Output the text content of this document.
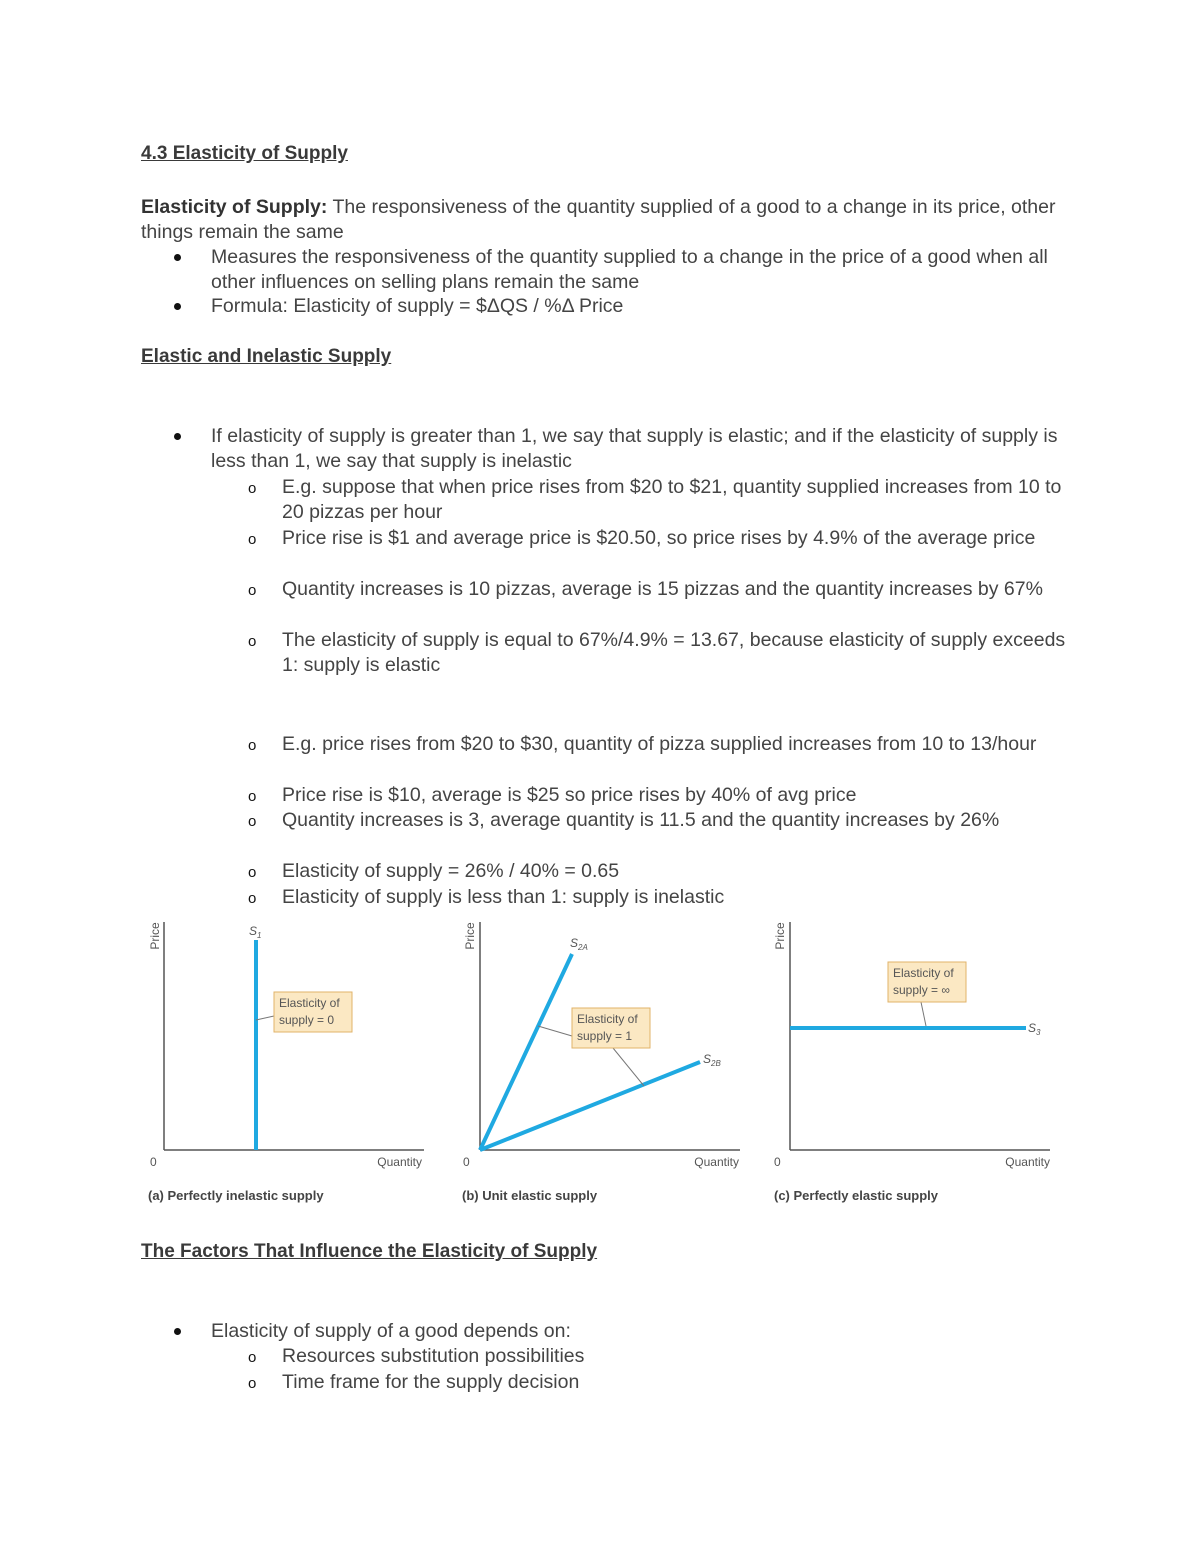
4.3 Elasticity of Supply

Elasticity of Supply: The responsiveness of the quantity supplied of a good to a change in its price, other things remain the same

Measures the responsiveness of the quantity supplied to a change in the price of a good when all other influences on selling plans remain the same

Formula: Elasticity of supply = $ΔQS / %Δ Price

Elastic and Inelastic Supply

If elasticity of supply is greater than 1, we say that supply is elastic; and if the elasticity of supply is less than 1, we say that supply is inelastic

o E.g. suppose that when price rises from $20 to $21, quantity supplied increases from 10 to 20 pizzas per hour

o Price rise is $1 and average price is $20.50, so price rises by 4.9% of the average price

o Quantity increases is 10 pizzas, average is 15 pizzas and the quantity increases by 67%

o The elasticity of supply is equal to 67%/4.9% = 13.67, because elasticity of supply exceeds 1: supply is elastic

o E.g. price rises from $20 to $30, quantity of pizza supplied increases from 10 to 13/hour

o Price rise is $10, average is $25 so price rises by 40% of avg price

o Quantity increases is 3, average quantity is 11.5 and the quantity increases by 26%

o Elasticity of supply = 26% / 40% = 0.65

o Elasticity of supply is less than 1: supply is inelastic

Price
Quantity
0
$S_1$
Elasticity of
supply = 0
(a) Perfectly inelastic supply
Price
Quantity
0
$S_{2A}$
$S_{2B}$
Elasticity of
supply = 1
(b) Unit elastic supply
Price
Quantity
0
$S_3$
Elasticity of
supply = ∞
(c) Perfectly elastic supply
The Factors That Influence the Elasticity of Supply

Elasticity of supply of a good depends on:

o Resources substitution possibilities

o Time frame for the supply decision
